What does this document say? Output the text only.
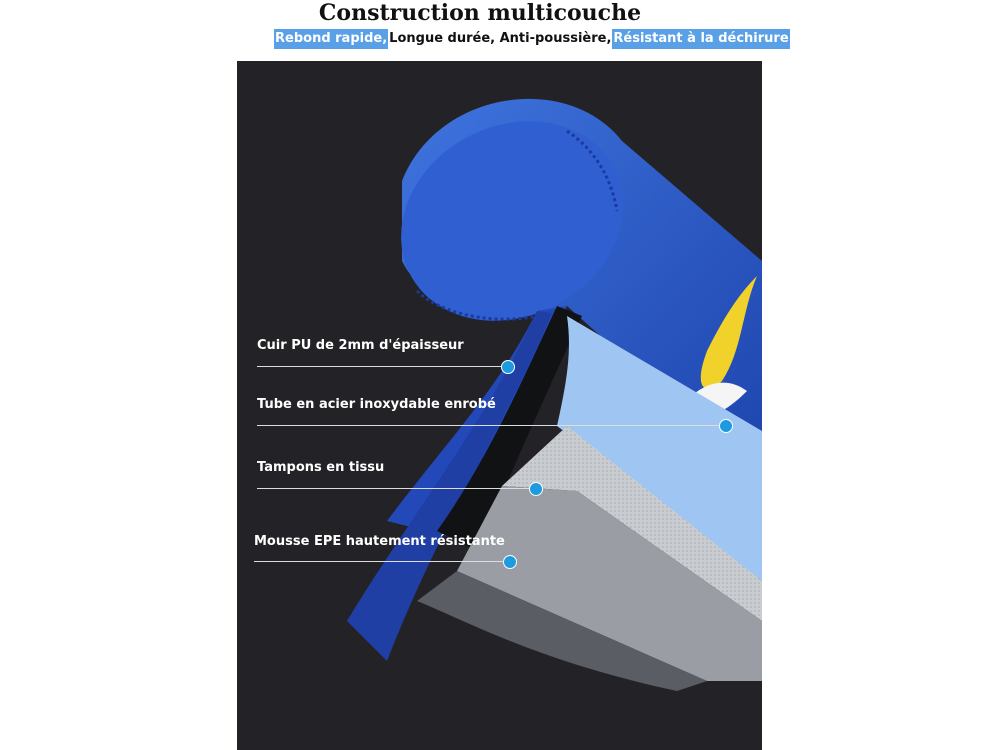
Construction multicouche
Rebond rapide, Longue durée, Anti-poussière, Résistant à la déchirure
Cuir PU de 2mm d'épaisseur
Tube en acier inoxydable enrobé
Tampons en tissu
Mousse EPE hautement résistante
